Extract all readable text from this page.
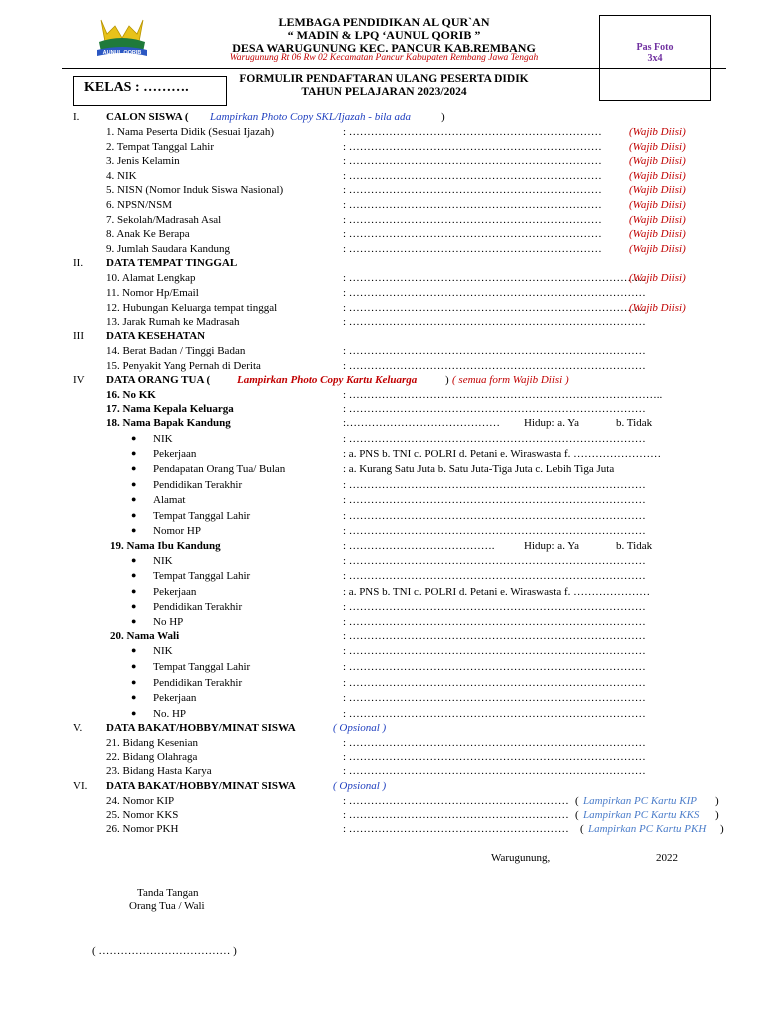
AUNUL QORIB
LEMBAGA PENDIDIKAN AL QUR`AN
“ MADIN & LPQ ‘AUNUL QORIB ”
DESA WARUGUNUNG KEC. PANCUR KAB.REMBANG
Warugunung Rt 06 Rw 02 Kecamatan Pancur Kabupaten Rembang Jawa Tengah
Pas Foto
3x4
KELAS : ……….
FORMULIR PENDAFTARAN ULANG PESERTA DIDIK
TAHUN PELAJARAN 2023/2024
I. CALON SISWA ( Lampirkan Photo Copy SKL/Ijazah - bila ada	)
1. Nama Peserta Didik (Sesuai Ijazah)	: …………………………………………………………… (Wajib Diisi)
2. Tempat Tanggal Lahir	: …………………………………………………………… (Wajib Diisi)
3. Jenis Kelamin	: …………………………………………………………… (Wajib Diisi)
4. NIK	: …………………………………………………………… (Wajib Diisi)
5. NISN (Nomor Induk Siswa Nasional)	: …………………………………………………………… (Wajib Diisi)
6. NPSN/NSM	: …………………………………………………………… (Wajib Diisi)
7. Sekolah/Madrasah Asal	: …………………………………………………………… (Wajib Diisi)
8. Anak Ke Berapa	: …………………………………………………………… (Wajib Diisi)
9. Jumlah Saudara Kandung	: …………………………………………………………… (Wajib Diisi)
II. DATA TEMPAT TINGGAL
10. Alamat Lengkap	: ………………………………………………………………………
(Wajib Diisi)
11. Nomor Hp/Email	: ………………………………………………………………………
12. Hubungan Keluarga tempat tinggal	: ………………………………………………………………………
(Wajib Diisi)
13. Jarak Rumah ke Madrasah	: ………………………………………………………………………
III DATA KESEHATAN
14. Berat Badan / Tinggi Badan	: ………………………………………………………………………
15. Penyakit Yang Pernah di Derita	: ………………………………………………………………………
IV DATA ORANG TUA ( Lampirkan Photo Copy Kartu Keluarga	) ( semua form Wajib Diisi )
16. No KK	: …………………………………………………………………………..
17. Nama Kepala Keluarga	: ………………………………………………………………………
18. Nama Bapak Kandung	:…………………………………… Hidup: a. Ya	b. Tidak
● NIK	: ………………………………………………………………………
● Pekerjaan	: a. PNS b. TNI c. POLRI d. Petani e. Wiraswasta f. ……………………
● Pendapatan Orang Tua/ Bulan	: a. Kurang Satu Juta b. Satu Juta-Tiga Juta c. Lebih Tiga Juta
● Pendidikan Terakhir	: ………………………………………………………………………
● Alamat	: ………………………………………………………………………
● Tempat Tanggal Lahir	: ………………………………………………………………………
● Nomor HP	: ………………………………………………………………………
19. Nama Ibu Kandung	: ………………………………….	Hidup: a. Ya	b. Tidak
● NIK	: ………………………………………………………………………
● Tempat Tanggal Lahir	: ………………………………………………………………………
● Pekerjaan	: a. PNS b. TNI c. POLRI d. Petani e. Wiraswasta f. …………………
● Pendidikan Terakhir	: ………………………………………………………………………
● No HP	: ………………………………………………………………………
20. Nama Wali	: ………………………………………………………………………
● NIK	: ………………………………………………………………………
● Tempat Tanggal Lahir	: ………………………………………………………………………
● Pendidikan Terakhir	: ………………………………………………………………………
● Pekerjaan	: ………………………………………………………………………
● No. HP	: ………………………………………………………………………
V. DATA BAKAT/HOBBY/MINAT SISWA	( Opsional )
21. Bidang Kesenian	: ………………………………………………………………………
22. Bidang Olahraga	: ………………………………………………………………………
23. Bidang Hasta Karya	: ………………………………………………………………………
VI. DATA BAKAT/HOBBY/MINAT SISWA	( Opsional )
24. Nomor KIP	: …………………………………………………… ( Lampirkan PC Kartu KIP )
25. Nomor KKS	: …………………………………………………… ( Lampirkan PC Kartu KKS )
26. Nomor PKH	: …………………………………………………… ( Lampirkan PC Kartu PKH )
Warugunung,	2022
Tanda Tangan
Orang Tua / Wali
( ……………………………… )
